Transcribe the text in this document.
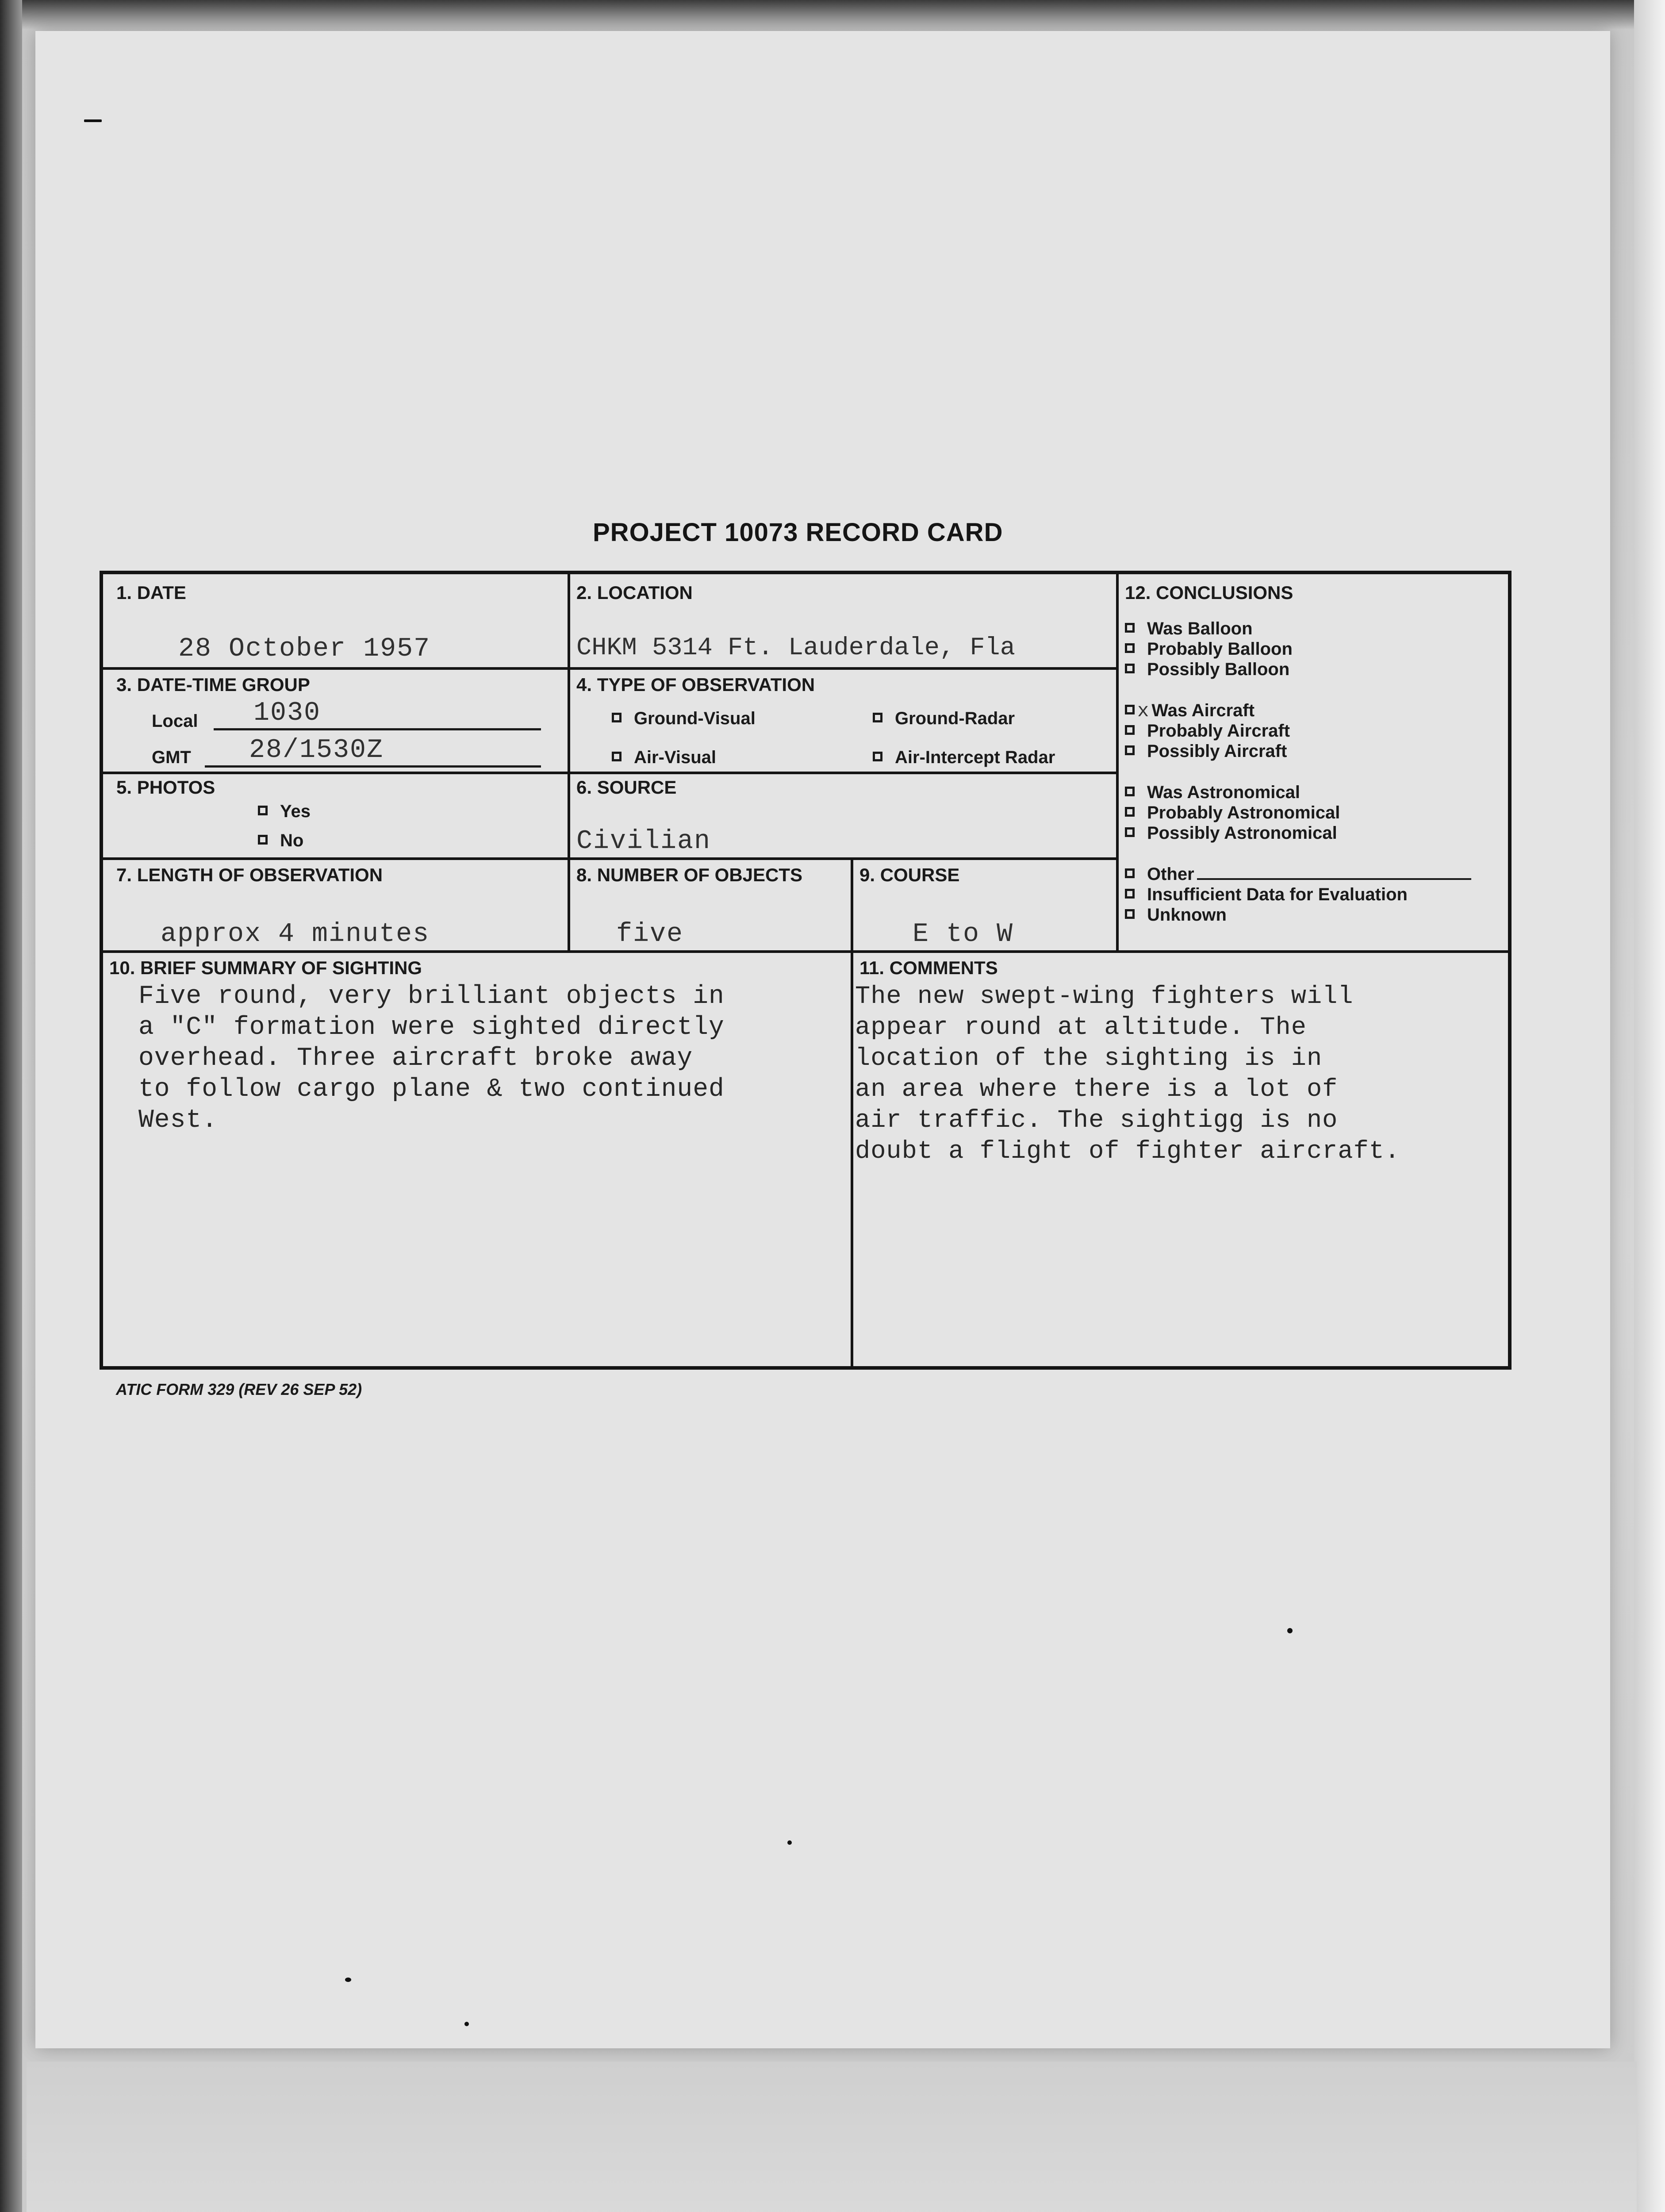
PROJECT 10073 RECORD CARD
1. DATE
28 October 1957
2. LOCATION
CHKM 5314 Ft. Lauderdale, Fla
3. DATE-TIME GROUP
Local 1030
GMT 28/1530Z
4. TYPE OF OBSERVATION
Ground-Visual	Ground-Radar
Air-Visual	Air-Intercept Radar
5. PHOTOS
Yes
No
6. SOURCE
Civilian
7. LENGTH OF OBSERVATION
approx 4 minutes
8. NUMBER OF OBJECTS
five
9. COURSE
E to W
10. BRIEF SUMMARY OF SIGHTING
Five round, very brilliant objects in
a "C" formation were sighted directly
overhead. Three aircraft broke away
to follow cargo plane & two continued
West.
11. COMMENTS
The new swept-wing fighters will
appear round at altitude. The
location of the sighting is in
an area where there is a lot of
air traffic. The sightigg is no
doubt a flight of fighter aircraft.
12. CONCLUSIONS
Was Balloon
Probably Balloon
Possibly Balloon
x Was Aircraft
Probably Aircraft
Possibly Aircraft
Was Astronomical
Probably Astronomical
Possibly Astronomical
Other
Insufficient Data for Evaluation
Unknown
ATIC FORM 329 (REV 26 SEP 52)
